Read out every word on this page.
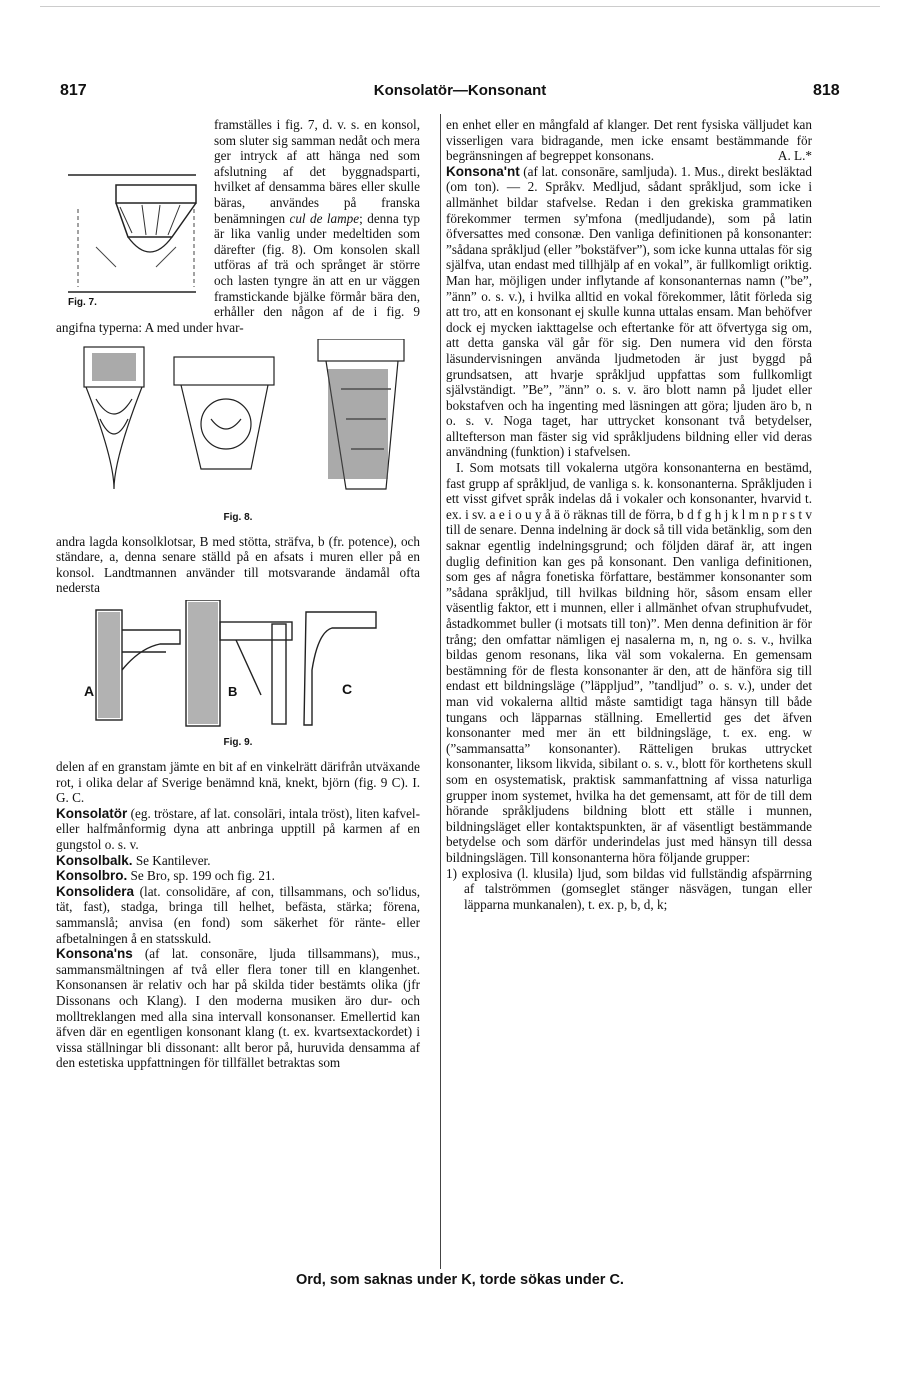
817	Konsolatör—Konsonant	818

Fig. 7.
framställes i fig. 7, d. v. s. en konsol, som sluter sig samman nedåt och mera ger intryck af att hänga ned som afslutning af det byggnadsparti, hvilket af densamma bäres eller skulle bäras, användes på franska benämningen cul de lampe; denna typ är lika vanlig under medeltiden som därefter (fig. 8). Om konsolen skall utföras af trä och språnget är större och lasten tyngre än att en ur väggen framstickande bjälke förmår bära den, erhåller den någon af de i fig. 9 angifna typerna: A med under hvar-

Fig. 8.

andra lagda konsolklotsar, B med stötta, sträfva, b (fr. potence), och ständare, a, denna senare ställd på en afsats i muren eller på en konsol. Landtmannen använder till motsvarande ändamål ofta nedersta

A	B	C
Fig. 9.

delen af en granstam jämte en bit af en vinkelrätt därifrån utväxande rot, i olika delar af Sverige benämnd knä, knekt, björn (fig. 9 C). I. G. C.

Konsolatör (eg. tröstare, af lat. consolāri, intala tröst), liten kafvel- eller halfmånformig dyna att anbringa upptill på karmen af en gungstol o. s. v.

Konsolbalk. Se Kantilever.

Konsolbro. Se Bro, sp. 199 och fig. 21.

Konsolidera (lat. consolidāre, af con, tillsammans, och so'lidus, tät, fast), stadga, bringa till helhet, befästa, stärka; förena, sammanslå; anvisa (en fond) som säkerhet för ränte- eller afbetalningen å en statsskuld.

Konsona'ns (af lat. consonāre, ljuda tillsammans), mus., sammansmältningen af två eller flera toner till en klangenhet. Konsonansen är relativ och har på skilda tider bestämts olika (jfr Dissonans och Klang). I den moderna musiken äro dur- och molltreklangen med alla sina intervall konsonanser. Emellertid kan äfven där en egentligen konsonant klang (t. ex. kvartsextackordet) i vissa ställningar bli dissonant: allt beror på, huruvida densamma af den estetiska uppfattningen för tillfället betraktas som

en enhet eller en mångfald af klanger. Det rent fysiska välljudet kan visserligen vara bidragande, men icke ensamt bestämmande för begränsningen af begreppet konsonans.	A. L.*

Konsona'nt (af lat. consonāre, samljuda). 1. Mus., direkt besläktad (om ton). — 2. Språkv. Medljud, sådant språkljud, som icke i allmänhet bildar stafvelse. Redan i den grekiska grammatiken förekommer termen sy'mfona (medljudande), som på latin öfversattes med consonæ. Den vanliga definitionen på konsonanter: ”sådana språkljud (eller ”bokstäfver”), som icke kunna uttalas för sig själfva, utan endast med tillhjälp af en vokal”, är fullkomligt oriktig. Man har, möjligen under inflytande af konsonanternas namn (”be”, ”änn” o. s. v.), i hvilka alltid en vokal förekommer, låtit förleda sig att tro, att en konsonant ej skulle kunna uttalas ensam. Man behöfver dock ej mycken iakttagelse och eftertanke för att öfvertyga sig om, att detta ganska väl går för sig. Den numera vid den första läsundervisningen använda ljudmetoden är just byggd på grundsatsen, att hvarje språkljud uppfattas som fullkomligt självständigt. ”Be”, ”änn” o. s. v. äro blott namn på ljudet eller bokstafven och ha ingenting med läsningen att göra; ljuden äro b, n o. s. v. Noga taget, har uttrycket konsonant två betydelser, alltefterson man fäster sig vid språkljudens bildning eller vid deras användning (funktion) i stafvelsen.

I. Som motsats till vokalerna utgöra konsonanterna en bestämd, fast grupp af språkljud, de vanliga s. k. konsonanterna. Språkljuden i ett visst gifvet språk indelas då i vokaler och konsonanter, hvarvid t. ex. i sv. a e i o u y å ä ö räknas till de förra, b d f g h j k l m n p r s t v till de senare. Denna indelning är dock så till vida betänklig, som den saknar egentlig indelningsgrund; och följden däraf är, att ingen duglig definition kan ges på konsonant. Den vanliga definitionen, som ges af några fonetiska författare, bestämmer konsonanter som ”sådana språkljud, till hvilkas bildning hör, såsom ensam eller väsentlig faktor, ett i munnen, eller i allmänhet ofvan struphufvudet, åstadkommet buller (i motsats till ton)”. Men denna definition är för trång; den omfattar nämligen ej nasalerna m, n, ng o. s. v., hvilka bildas genom resonans, lika väl som vokalerna. En gemensam bestämning för de flesta konsonanter är den, att de hänföra sig till endast ett bildningsläge (”läppljud”, ”tandljud” o. s. v.), under det man vid vokalerna alltid måste samtidigt taga hänsyn till både tungans och läpparnas ställning. Emellertid ges det äfven konsonanter med mer än ett bildningsläge, t. ex. eng. w (”sammansatta” konsonanter). Rätteligen brukas uttrycket konsonanter, liksom likvida, sibilant o. s. v., blott för korthetens skull som en osystematisk, praktisk sammanfattning af vissa naturliga grupper inom systemet, hvilka ha det gemensamt, att för de till dem hörande språkljudens bildning blott ett ställe i munnen, bildningsläget eller kontaktspunkten, är af väsentligt bestämmande betydelse och som därför underindelas just med hänsyn till dessa bildningslägen. Till konsonanterna höra följande grupper:

1) explosiva (l. klusila) ljud, som bildas vid fullständig afspärrning af talströmmen (gomseglet stänger näsvägen, tungan eller läpparna munkanalen), t. ex. p, b, d, k;

Ord, som saknas under K, torde sökas under C.
